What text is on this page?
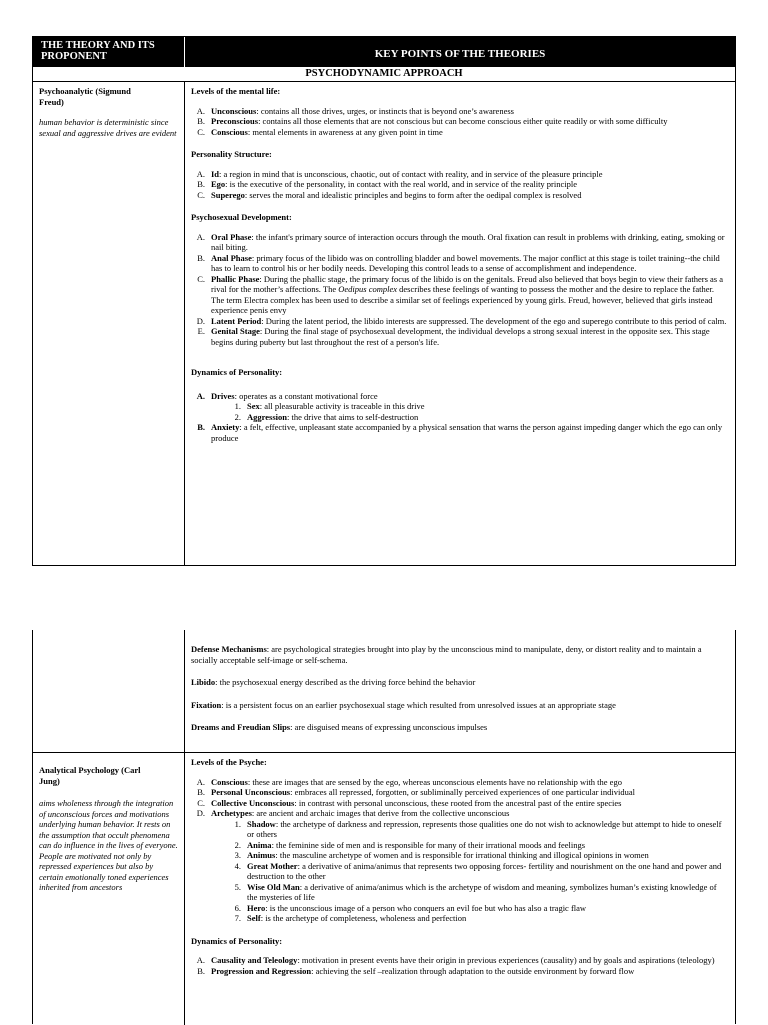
THE THEORY AND ITS PROPONENT	KEY POINTS OF THE THEORIES
PSYCHODYNAMIC APPROACH
Psychoanalytic (Sigmund Freud)
human behavior is deterministic since sexual and aggressive drives are evident
Levels of the mental life:
A. Unconscious: contains all those drives, urges, or instincts that is beyond one’s awareness
B. Preconscious: contains all those elements that are not conscious but can become conscious either quite readily or with some difficulty
C. Conscious: mental elements in awareness at any given point in time
Personality Structure:
A. Id: a region in mind that is unconscious, chaotic, out of contact with reality, and in service of the pleasure principle
B. Ego: is the executive of the personality, in contact with the real world, and in service of the reality principle
C. Superego: serves the moral and idealistic principles and begins to form after the oedipal complex is resolved
Psychosexual Development:
A. Oral Phase: the infant's primary source of interaction occurs through the mouth. Oral fixation can result in problems with drinking, eating, smoking or nail biting.
B. Anal Phase: primary focus of the libido was on controlling bladder and bowel movements. The major conflict at this stage is toilet training--the child has to learn to control his or her bodily needs. Developing this control leads to a sense of accomplishment and independence.
C. Phallic Phase: During the phallic stage, the primary focus of the libido is on the genitals. Freud also believed that boys begin to view their fathers as a rival for the mother’s affections. The Oedipus complex describes these feelings of wanting to possess the mother and the desire to replace the father. The term Electra complex has been used to describe a similar set of feelings experienced by young girls. Freud, however, believed that girls instead experience penis envy
D. Latent Period: During the latent period, the libido interests are suppressed. The development of the ego and superego contribute to this period of calm.
E. Genital Stage: During the final stage of psychosexual development, the individual develops a strong sexual interest in the opposite sex. This stage begins during puberty but last throughout the rest of a person's life.
Dynamics of Personality:
A. Drives: operates as a constant motivational force
1. Sex: all pleasurable activity is traceable in this drive
2. Aggression: the drive that aims to self-destruction
B. Anxiety: a felt, effective, unpleasant state accompanied by a physical sensation that warns the person against impeding danger which the ego can only produce
Defense Mechanisms: are psychological strategies brought into play by the unconscious mind to manipulate, deny, or distort reality and to maintain a socially acceptable self-image or self-schema.
Libido: the psychosexual energy described as the driving force behind the behavior
Fixation: is a persistent focus on an earlier psychosexual stage which resulted from unresolved issues at an appropriate stage
Dreams and Freudian Slips: are disguised means of expressing unconscious impulses
Analytical Psychology (Carl Jung)
aims wholeness through the integration of unconscious forces and motivations underlying human behavior. It rests on the assumption that occult phenomena can do influence in the lives of everyone. People are motivated not only by repressed experiences but also by certain emotionally toned experiences inherited from ancestors
Levels of the Psyche:
A. Conscious: these are images that are sensed by the ego, whereas unconscious elements have no relationship with the ego
B. Personal Unconscious: embraces all repressed, forgotten, or subliminally perceived experiences of one particular individual
C. Collective Unconscious: in contrast with personal unconscious, these rooted from the ancestral past of the entire species
D. Archetypes: are ancient and archaic images that derive from the collective unconscious
1. Shadow: the archetype of darkness and repression, represents those qualities one do not wish to acknowledge but attempt to hide to oneself or others
2. Anima: the feminine side of men and is responsible for many of their irrational moods and feelings
3. Animus: the masculine archetype of women and is responsible for irrational thinking and illogical opinions in women
4. Great Mother: a derivative of anima/animus that represents two opposing forces- fertility and nourishment on the one hand and power and destruction to the other
5. Wise Old Man: a derivative of anima/animus which is the archetype of wisdom and meaning, symbolizes human’s existing knowledge of the mysteries of life
6. Hero: is the unconscious image of a person who conquers an evil foe but who has also a tragic flaw
7. Self: is the archetype of completeness, wholeness and perfection
Dynamics of Personality:
A. Causality and Teleology: motivation in present events have their origin in previous experiences (causality) and by goals and aspirations (teleology)
B. Progression and Regression: achieving the self –realization through adaptation to the outside environment by forward flow
